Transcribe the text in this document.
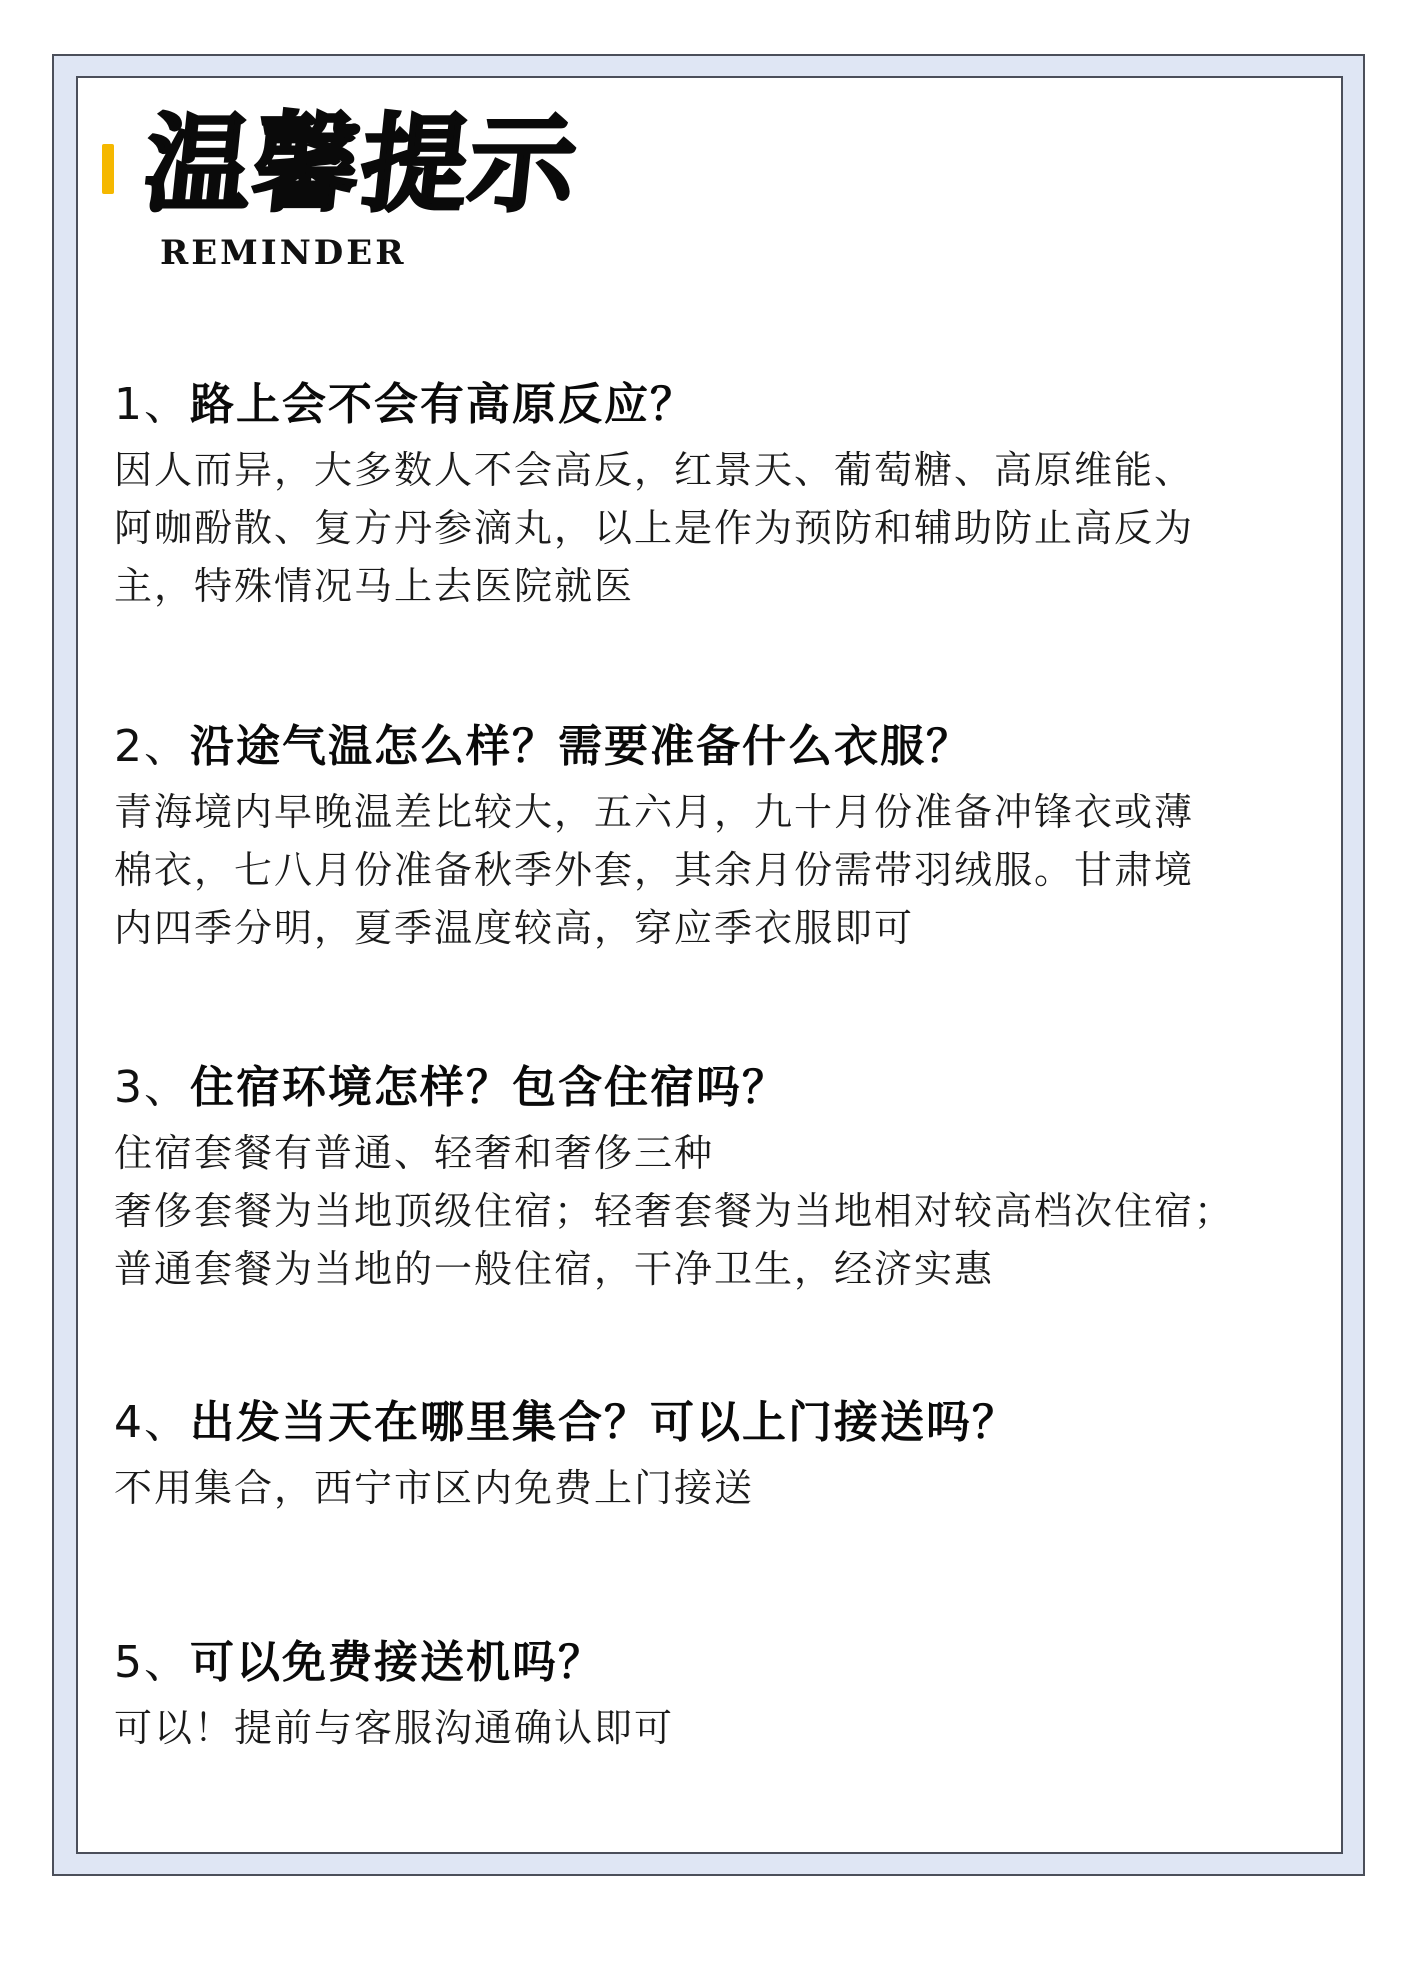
温馨提示
REMINDER
1、路上会不会有高原反应？
因人而异，大多数人不会高反，红景天、葡萄糖、高原维能、
阿咖酚散、复方丹参滴丸，以上是作为预防和辅助防止高反为
主，特殊情况马上去医院就医
2、沿途气温怎么样？需要准备什么衣服？
青海境内早晚温差比较大，五六月，九十月份准备冲锋衣或薄
棉衣，七八月份准备秋季外套，其余月份需带羽绒服。甘肃境
内四季分明，夏季温度较高，穿应季衣服即可
3、住宿环境怎样？包含住宿吗？
住宿套餐有普通、轻奢和奢侈三种
奢侈套餐为当地顶级住宿；轻奢套餐为当地相对较高档次住宿；
普通套餐为当地的一般住宿，干净卫生，经济实惠
4、出发当天在哪里集合？可以上门接送吗？
不用集合，西宁市区内免费上门接送
5、可以免费接送机吗？
可以！提前与客服沟通确认即可
